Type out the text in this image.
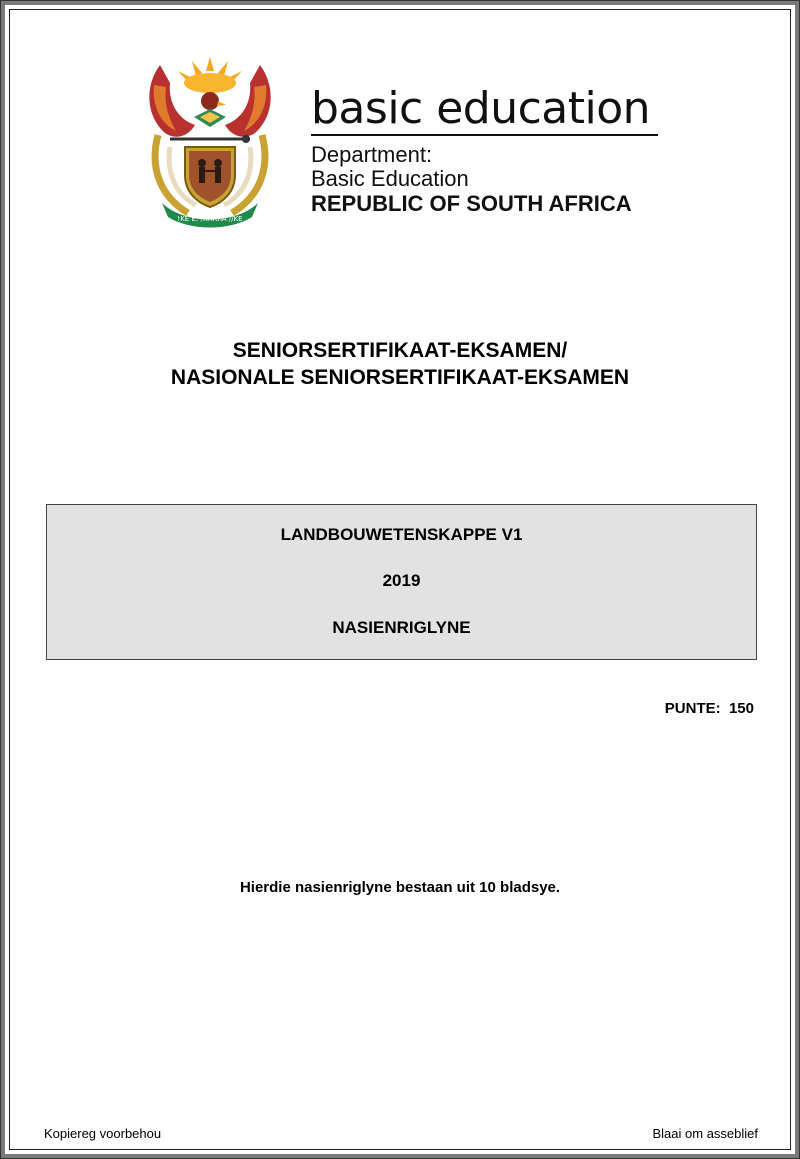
!KE E: /XARRA //KE
basic education
Department:
Basic Education
REPUBLIC OF SOUTH AFRICA
SENIORSERTIFIKAAT-EKSAMEN/
NASIONALE SENIORSERTIFIKAAT-EKSAMEN
LANDBOUWETENSKAPPE V1
2019
NASIENRIGLYNE
PUNTE:  150
Hierdie nasienriglyne bestaan uit 10 bladsye.
Kopiereg voorbehou	Blaai om asseblief
